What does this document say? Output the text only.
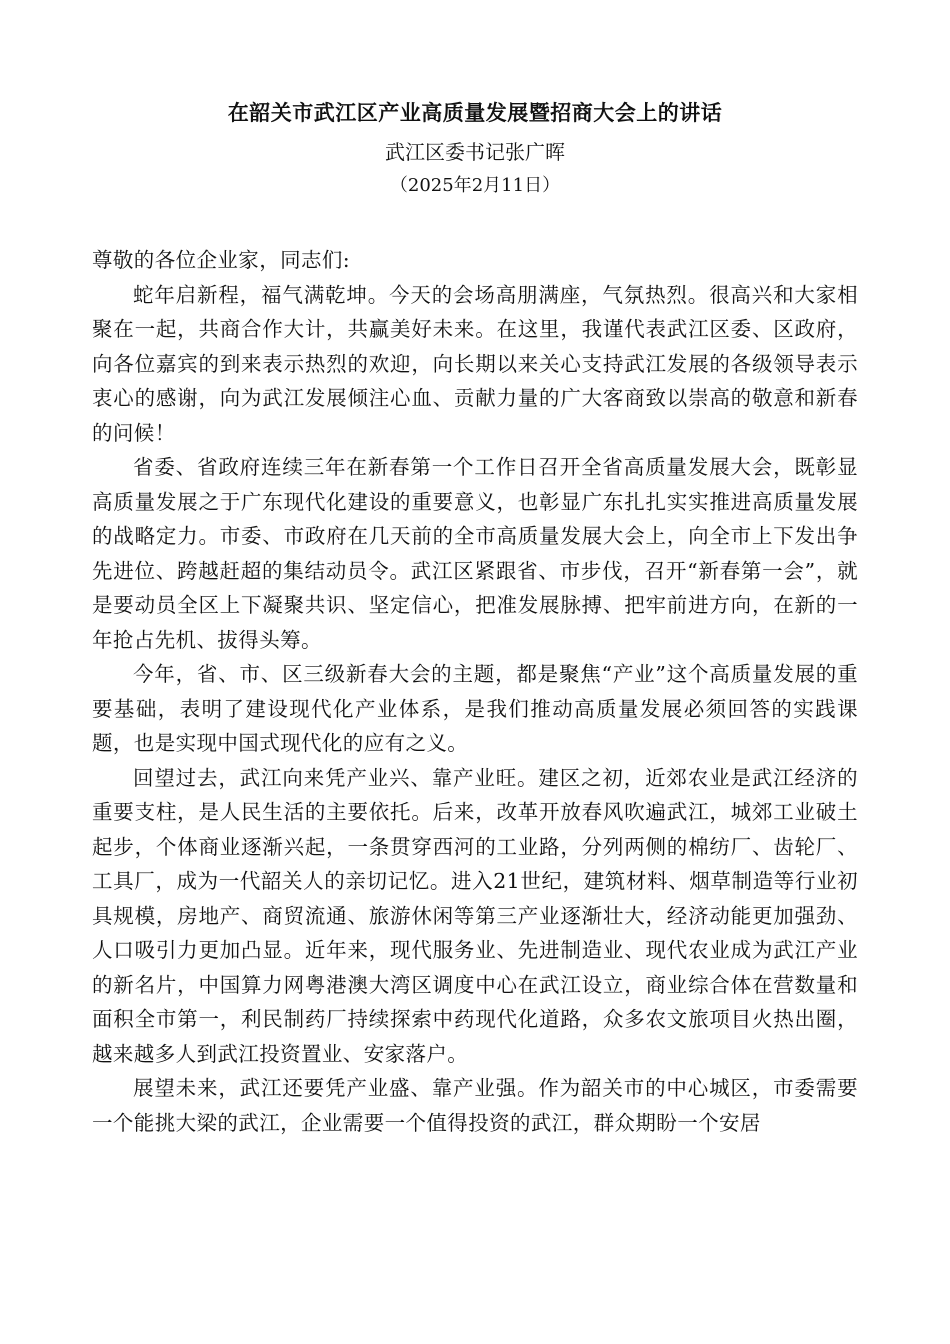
在韶关市武江区产业高质量发展暨招商大会上的讲话
武江区委书记张广晖
（2025年2月11日）

尊敬的各位企业家，同志们:

蛇年启新程，福气满乾坤。今天的会场高朋满座，气氛热烈。很高兴和大家相聚在一起，共商合作大计，共赢美好未来。在这里，我谨代表武江区委、区政府，向各位嘉宾的到来表示热烈的欢迎，向长期以来关心支持武江发展的各级领导表示衷心的感谢，向为武江发展倾注心血、贡献力量的广大客商致以崇高的敬意和新春的问候！

省委、省政府连续三年在新春第一个工作日召开全省高质量发展大会，既彰显高质量发展之于广东现代化建设的重要意义，也彰显广东扎扎实实推进高质量发展的战略定力。市委、市政府在几天前的全市高质量发展大会上，向全市上下发出争先进位、跨越赶超的集结动员令。武江区紧跟省、市步伐，召开“新春第一会”，就是要动员全区上下凝聚共识、坚定信心，把准发展脉搏、把牢前进方向，在新的一年抢占先机、拔得头筹。

今年，省、市、区三级新春大会的主题，都是聚焦“产业”这个高质量发展的重要基础，表明了建设现代化产业体系，是我们推动高质量发展必须回答的实践课题，也是实现中国式现代化的应有之义。

回望过去，武江向来凭产业兴、靠产业旺。建区之初，近郊农业是武江经济的重要支柱，是人民生活的主要依托。后来，改革开放春风吹遍武江，城郊工业破土起步，个体商业逐渐兴起，一条贯穿西河的工业路，分列两侧的棉纺厂、齿轮厂、工具厂，成为一代韶关人的亲切记忆。进入21世纪，建筑材料、烟草制造等行业初具规模，房地产、商贸流通、旅游休闲等第三产业逐渐壮大，经济动能更加强劲、人口吸引力更加凸显。近年来，现代服务业、先进制造业、现代农业成为武江产业的新名片，中国算力网粤港澳大湾区调度中心在武江设立，商业综合体在营数量和面积全市第一，利民制药厂持续探索中药现代化道路，众多农文旅项目火热出圈，越来越多人到武江投资置业、安家落户。

展望未来，武江还要凭产业盛、靠产业强。作为韶关市的中心城区，市委需要一个能挑大梁的武江，企业需要一个值得投资的武江，群众期盼一个安居
